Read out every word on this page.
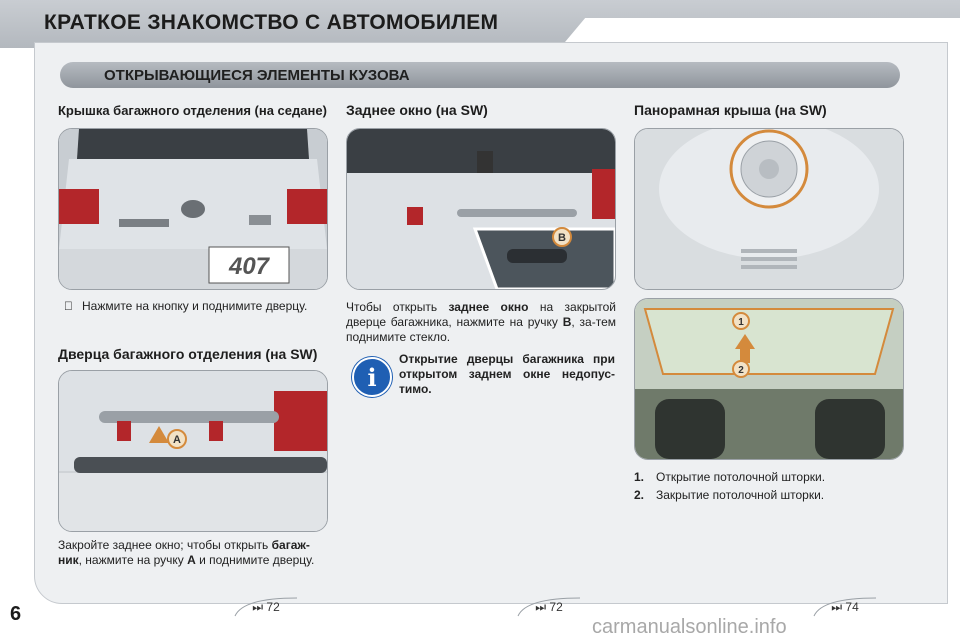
КРАТКОЕ ЗНАКОМСТВО С АВТОМОБИЛЕМ
ОТКРЫВАЮЩИЕСЯ ЭЛЕМЕНТЫ КУЗОВА
Крышка багажного отделения (на седане)
407
Нажмите на кнопку и поднимите дверцу.
Дверца багажного отделения (на SW)
A
Закройте заднее окно; чтобы открыть багаж-ник, нажмите на ручку A и поднимите дверцу.
Заднее окно (на SW)
B
Чтобы открыть заднее окно на закрытой дверце багажника, нажмите на ручку B, за-тем поднимите стекло.
i
Открытие дверцы багажника при открытом заднем окне недопус-тимо.
Панорамная крыша (на SW)
1
2
1. Открытие потолочной шторки.
2. Закрытие потолочной шторки.
⏭
72	⏭
72	⏭
74
6
carmanualsonline.info
